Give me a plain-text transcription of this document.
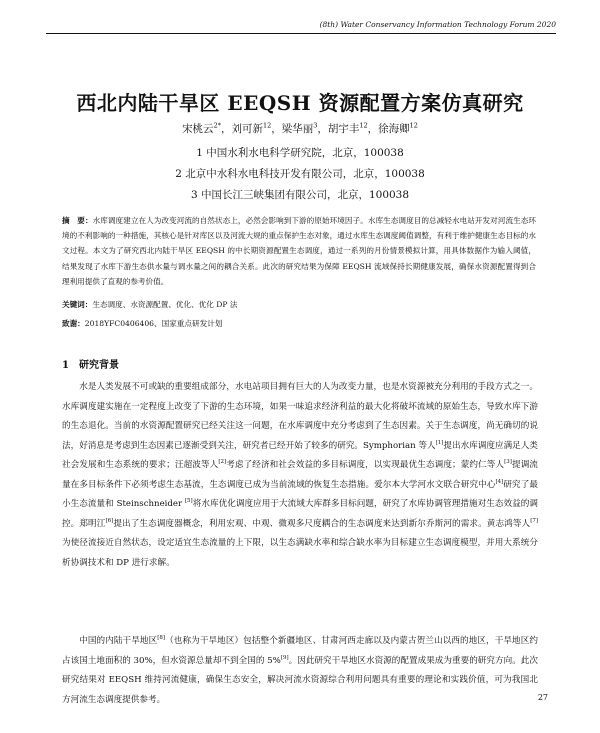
(8th) Water Conservancy Information Technology Forum 2020
西北内陆干旱区 EEQSH 资源配置方案仿真研究
宋桃云$^{2*}$，刘可新$^{12}$，梁华丽$^3$，胡宇丰$^{12}$，徐海卿$^{12}$
1 中国水利水电科学研究院，北京，100038
2 北京中水科水电科技开发有限公司，北京，100038
3 中国长江三峡集团有限公司，北京，100038
摘　要：水库调度建立在人为改变河流的自然状态上，必然会影响到下游的原始环境因子。水库生态调度目的总减轻水电站开发对河流生态环境的不利影响的一种措施，其核心是针对库区以及河流大规的重点保护生态对象，通过水库生态调度阈值调整，有利于维护健康生态目标的水文过程。本文为了研究西北内陆干旱区 EEQSH 的中长期资源配置生态调度，通过一系列的月份情景模拟计算，用具体数据作为输入阈值，结果发现了水库下游生态供水量与调水量之间的耦合关系。此次的研究结果为保障 EEQSH 流域保持长期健康发展，确保水资源配置得到合理利用提供了直观的参考价值。
关键词：生态调度、水资源配置、优化、优化 DP 法
致谢：2018YFC0406406、国家重点研发计划
1 研究背景

水是人类发展不可或缺的重要组成部分，水电站项目拥有巨大的人为改变力量，也是水资源被充分利用的手段方式之一。水库调度建实施在一定程度上改变了下游的生态环境，如果一味追求经济利益的最大化将破坏流域的原始生态，导致水库下游的生态退化。当前的水资源配置研究已经关注这一问题，在水库调度中充分考虑到了生态因素。关于生态调度，尚无确切的说法，好消息是考虑到生态因素已逐渐受到关注，研究者已经开始了较多的研究。Symphorian 等人[1]提出水库调度应满足人类社会发展和生态系统的要求；汪超波等人[2]考虑了经济和社会效益的多目标调度，以实现最优生态调度；蒙约仁等人[3]提调流量在多目标条件下必须考虑生态基流，生态调度已成为当前流域的恢复生态措施。爱尔本大学河水文联合研究中心[4]研究了最小生态流量和 Steinschneider [5]将水库优化调度应用于大流域大库群多目标问题，研究了水库协调管理措施对生态效益的调控。郑明江[6]提出了生态调度器概念，利用宏观、中观、微观多尺度耦合的生态调度来达到新尔乔斯河的需求。黄志鸿等人[7]为使径流接近自然状态，设定适宜生态流量的上下限，以生态满缺水率和综合缺水率为目标建立生态调度模型，并用大系统分析协调技术和 DP 进行求解。

中国的内陆干旱地区[8]（也称为干旱地区）包括整个新疆地区、甘肃河西走廊以及内蒙古贺兰山以西的地区，干旱地区约占该国土地面积的 30%，但水资源总量却不到全国的 5%[9]。因此研究干旱地区水资源的配置成果成为重要的研究方向。此次研究结果对 EEQSH 维持河流健康，确保生态安全，解决河流水资源综合利用问题具有重要的理论和实践价值，可为我国北方河流生态调度提供参考。	27
